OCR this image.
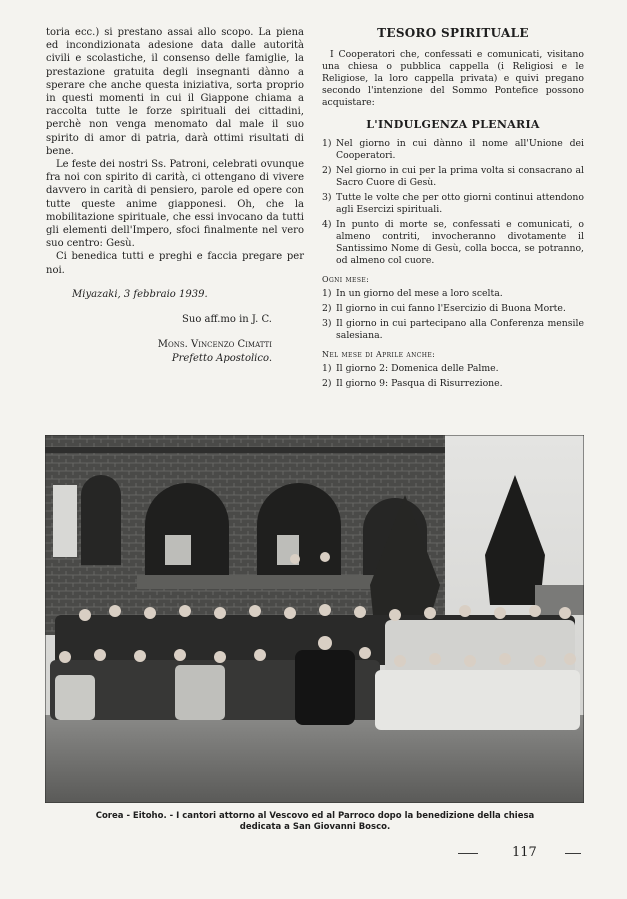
toria ecc.) si prestano assai allo scopo. La piena ed incondizionata adesione data dalle autorità civili e scolastiche, il consenso delle famiglie, la prestazione gratuita degli insegnanti dànno a sperare che anche questa iniziativa, sorta proprio in questi momenti in cui il Giappone chiama a raccolta tutte le forze spirituali dei cittadini, perchè non venga menomato dal male il suo spirito di amor di patria, darà ottimi risultati di bene.

Le feste dei nostri Ss. Patroni, celebrati ovunque fra noi con spirito di carità, ci ottengano di vivere davvero in carità di pensiero, parole ed opere con tutte queste anime giapponesi. Oh, che la mobilitazione spirituale, che essi invocano da tutti gli elementi dell'Impero, sfoci finalmente nel vero suo centro: Gesù.

Ci benedica tutti e preghi e faccia pregare per noi.

Miyazaki, 3 febbraio 1939.

Suo aff.mo in J. C.

Mons. Vincenzo Cimatti

Prefetto Apostolico.

TESORO SPIRITUALE

I Cooperatori che, confessati e comunicati, visitano una chiesa o pubblica cappella (i Religiosi e le Religiose, la loro cappella privata) e quivi pregano secondo l'intenzione del Sommo Pontefice possono acquistare:

L'INDULGENZA PLENARIA
1) Nel giorno in cui dànno il nome all'Unione dei Cooperatori.
2) Nel giorno in cui per la prima volta si consacrano al Sacro Cuore di Gesù.
3) Tutte le volte che per otto giorni continui attendono agli Esercizi spirituali.
4) In punto di morte se, confessati e comunicati, o almeno contriti, invocheranno divotamente il Santissimo Nome di Gesù, colla bocca, se potranno, od almeno col cuore.

Ogni mese:

1) In un giorno del mese a loro scelta.
2) Il giorno in cui fanno l'Esercizio di Buona Morte.
3) Il giorno in cui partecipano alla Conferenza mensile salesiana.

Nel mese di Aprile anche:

1) Il giorno 2: Domenica delle Palme.
2) Il giorno 9: Pasqua di Risurrezione.
Corea - Eitoho. - I cantori attorno al Vescovo ed al Parroco dopo la benedizione della chiesa
dedicata a San Giovanni Bosco.
117
